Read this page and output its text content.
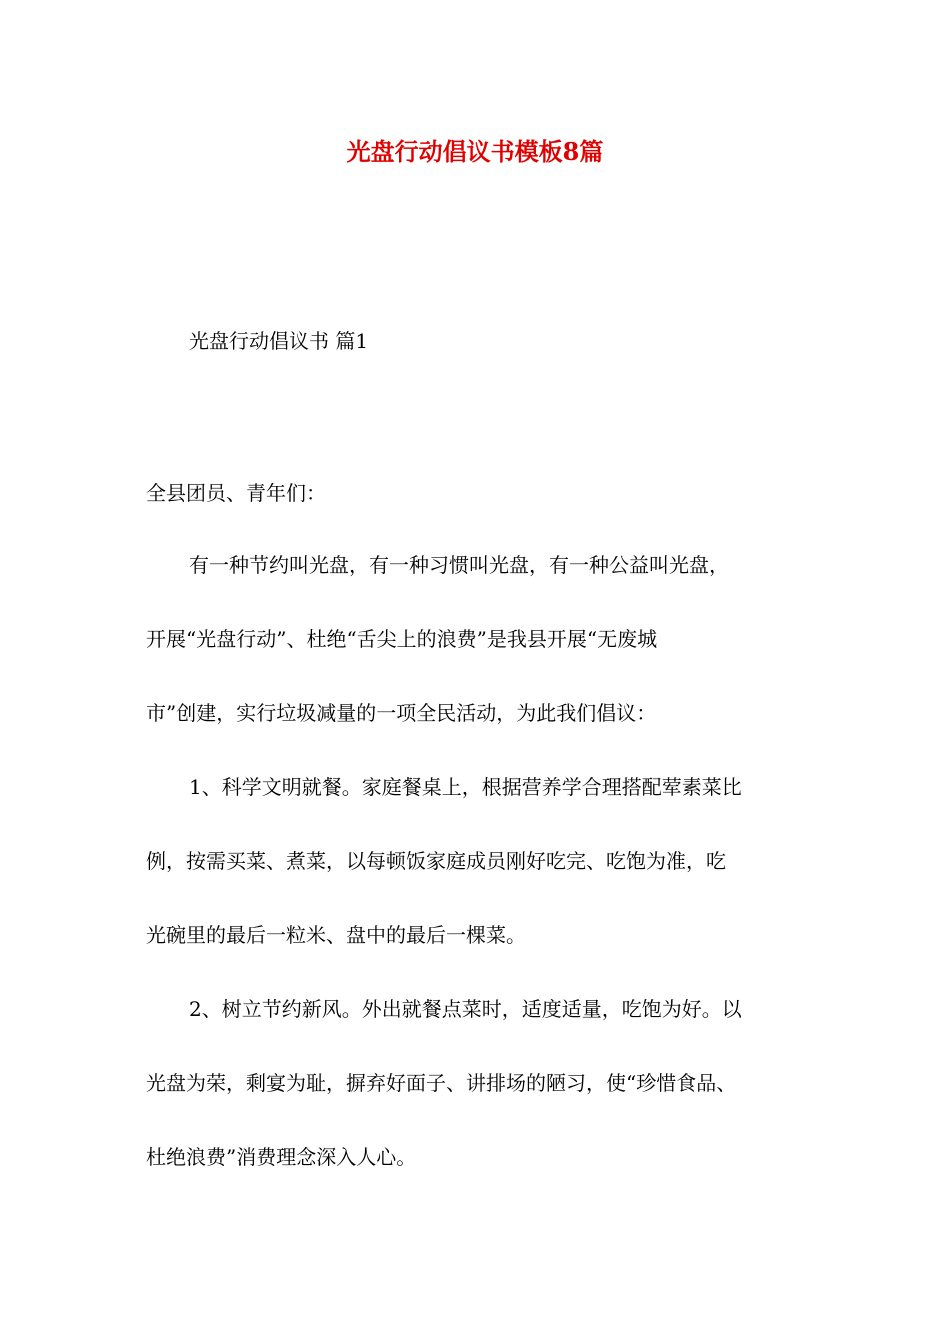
光盘行动倡议书模板8篇
光盘行动倡议书 篇1
全县团员、青年们：
有一种节约叫光盘，有一种习惯叫光盘，有一种公益叫光盘，
开展“光盘行动”、杜绝“舌尖上的浪费”是我县开展“无废城
市”创建，实行垃圾减量的一项全民活动，为此我们倡议：
1、科学文明就餐。家庭餐桌上，根据营养学合理搭配荤素菜比
例，按需买菜、煮菜，以每顿饭家庭成员刚好吃完、吃饱为准，吃
光碗里的最后一粒米、盘中的最后一棵菜。
2、树立节约新风。外出就餐点菜时，适度适量，吃饱为好。以
光盘为荣，剩宴为耻，摒弃好面子、讲排场的陋习，使“珍惜食品、
杜绝浪费”消费理念深入人心。
